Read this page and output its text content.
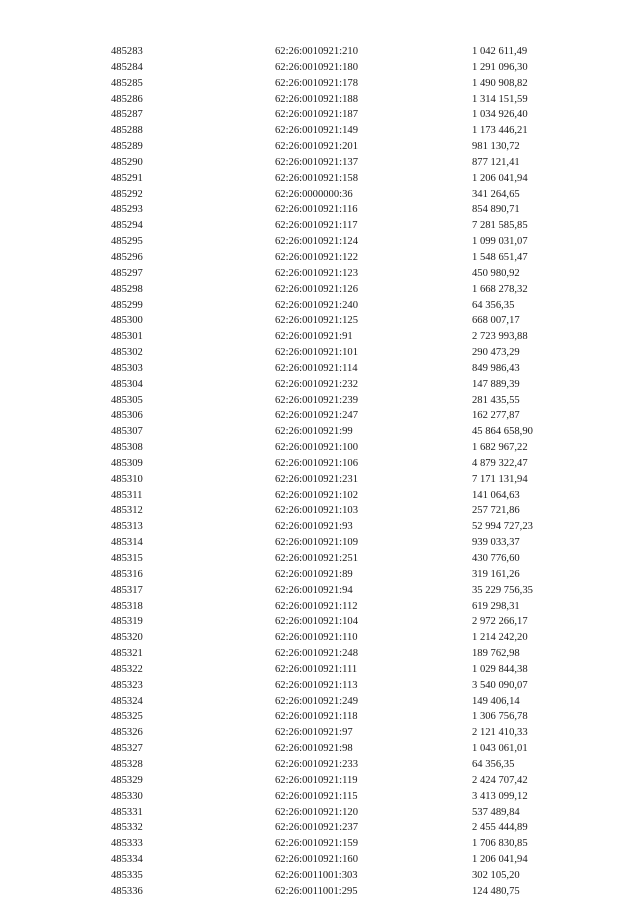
485283	62:26:0010921:210	1 042 611,49
485284	62:26:0010921:180	1 291 096,30
485285	62:26:0010921:178	1 490 908,82
485286	62:26:0010921:188	1 314 151,59
485287	62:26:0010921:187	1 034 926,40
485288	62:26:0010921:149	1 173 446,21
485289	62:26:0010921:201	981 130,72
485290	62:26:0010921:137	877 121,41
485291	62:26:0010921:158	1 206 041,94
485292	62:26:0000000:36	341 264,65
485293	62:26:0010921:116	854 890,71
485294	62:26:0010921:117	7 281 585,85
485295	62:26:0010921:124	1 099 031,07
485296	62:26:0010921:122	1 548 651,47
485297	62:26:0010921:123	450 980,92
485298	62:26:0010921:126	1 668 278,32
485299	62:26:0010921:240	64 356,35
485300	62:26:0010921:125	668 007,17
485301	62:26:0010921:91	2 723 993,88
485302	62:26:0010921:101	290 473,29
485303	62:26:0010921:114	849 986,43
485304	62:26:0010921:232	147 889,39
485305	62:26:0010921:239	281 435,55
485306	62:26:0010921:247	162 277,87
485307	62:26:0010921:99	45 864 658,90
485308	62:26:0010921:100	1 682 967,22
485309	62:26:0010921:106	4 879 322,47
485310	62:26:0010921:231	7 171 131,94
485311	62:26:0010921:102	141 064,63
485312	62:26:0010921:103	257 721,86
485313	62:26:0010921:93	52 994 727,23
485314	62:26:0010921:109	939 033,37
485315	62:26:0010921:251	430 776,60
485316	62:26:0010921:89	319 161,26
485317	62:26:0010921:94	35 229 756,35
485318	62:26:0010921:112	619 298,31
485319	62:26:0010921:104	2 972 266,17
485320	62:26:0010921:110	1 214 242,20
485321	62:26:0010921:248	189 762,98
485322	62:26:0010921:111	1 029 844,38
485323	62:26:0010921:113	3 540 090,07
485324	62:26:0010921:249	149 406,14
485325	62:26:0010921:118	1 306 756,78
485326	62:26:0010921:97	2 121 410,33
485327	62:26:0010921:98	1 043 061,01
485328	62:26:0010921:233	64 356,35
485329	62:26:0010921:119	2 424 707,42
485330	62:26:0010921:115	3 413 099,12
485331	62:26:0010921:120	537 489,84
485332	62:26:0010921:237	2 455 444,89
485333	62:26:0010921:159	1 706 830,85
485334	62:26:0010921:160	1 206 041,94
485335	62:26:0011001:303	302 105,20
485336	62:26:0011001:295	124 480,75
